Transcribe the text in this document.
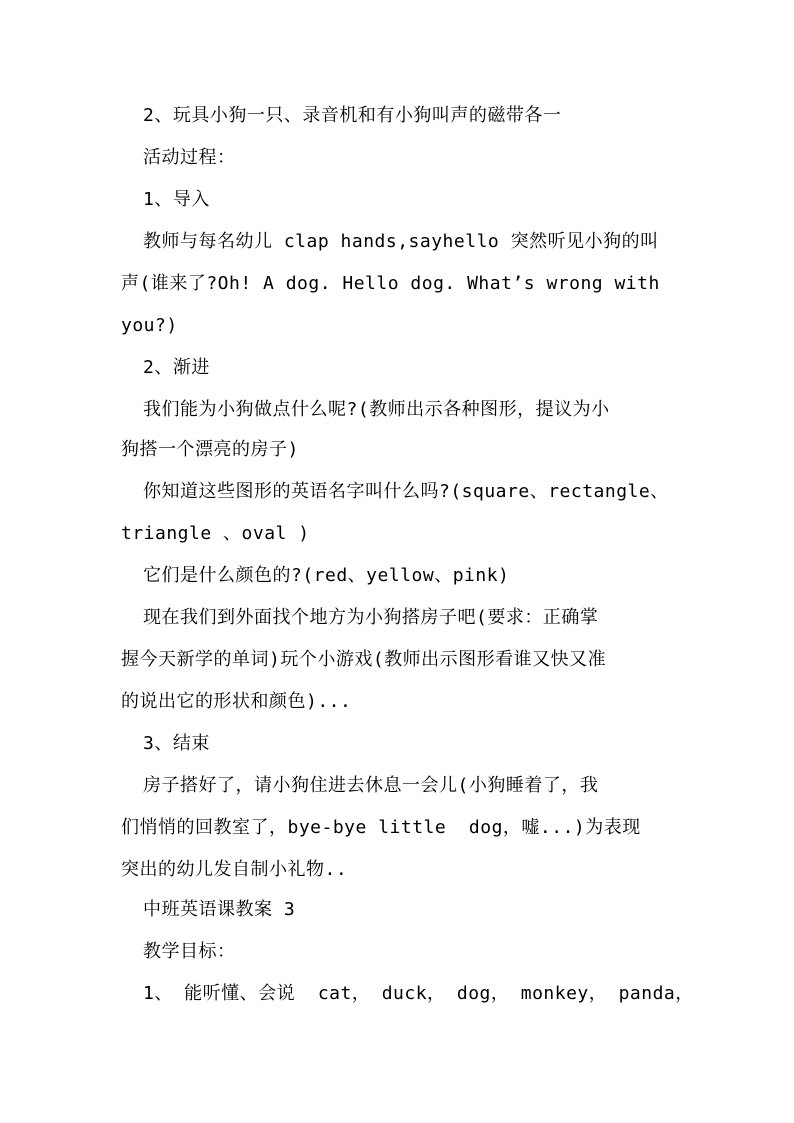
2、玩具小狗一只、录音机和有小狗叫声的磁带各一
活动过程：
1、导入
教师与每名幼儿 clap hands,sayhello 突然听见小狗的叫
声(谁来了?Oh! A dog. Hello dog. What’s wrong with
you?)
2、渐进
我们能为小狗做点什么呢?(教师出示各种图形，提议为小
狗搭一个漂亮的房子)
你知道这些图形的英语名字叫什么吗?(square、rectangle、
triangle 、oval )
它们是什么颜色的?(red、yellow、pink)
现在我们到外面找个地方为小狗搭房子吧(要求：正确掌
握今天新学的单词)玩个小游戏(教师出示图形看谁又快又准
的说出它的形状和颜色)...
3、结束
房子搭好了，请小狗住进去休息一会儿(小狗睡着了，我
们悄悄的回教室了，bye-bye little  dog，嘘...)为表现
突出的幼儿发自制小礼物..
中班英语课教案 3
教学目标：
1、 能听懂、会说  cat， duck， dog， monkey， panda，
